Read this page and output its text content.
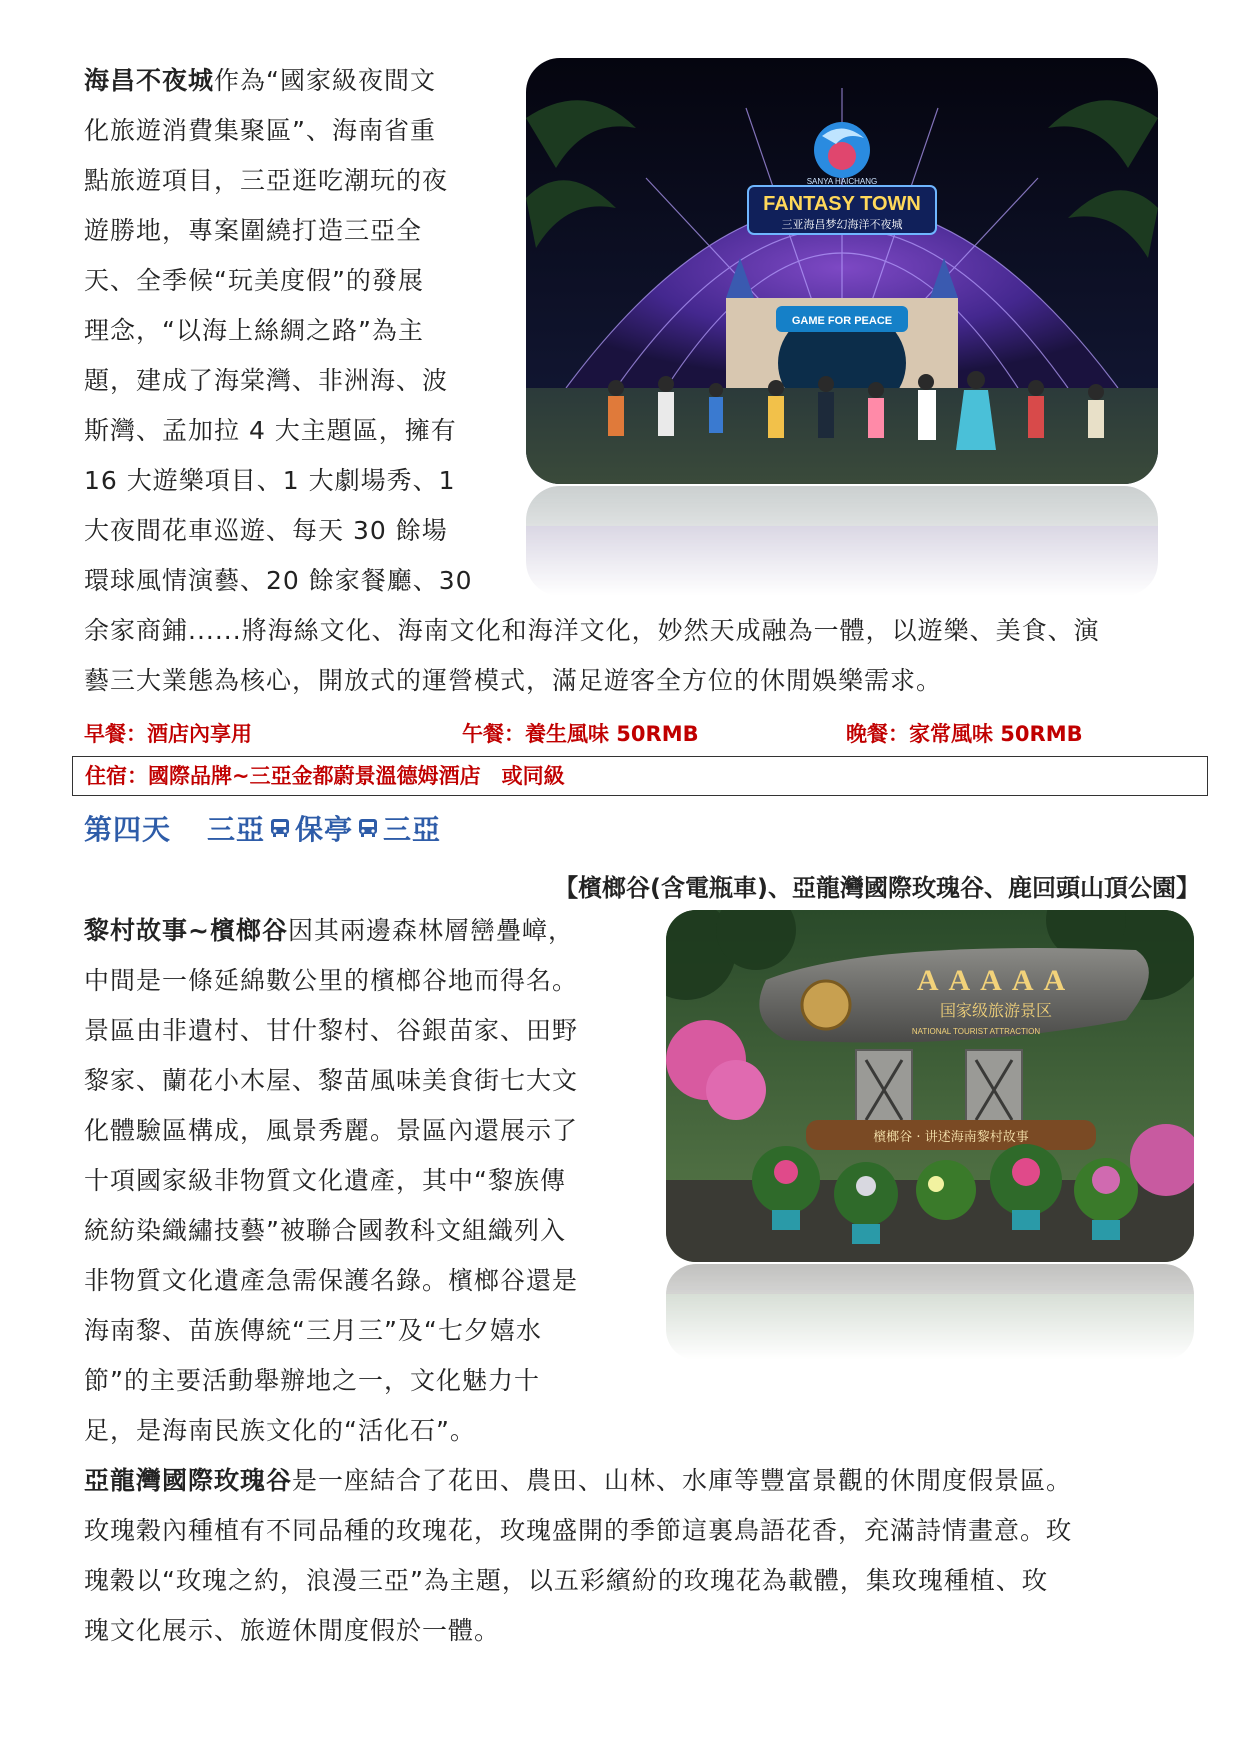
海昌不夜城作為“國家級夜間文
化旅遊消費集聚區”、海南省重
點旅遊項目，三亞逛吃潮玩的夜
遊勝地，專案圍繞打造三亞全
天、全季候“玩美度假”的發展
理念，“以海上絲綢之路”為主
題，建成了海棠灣、非洲海、波
斯灣、孟加拉 4 大主題區，擁有
16 大遊樂項目、1 大劇場秀、1
大夜間花車巡遊、每天 30 餘場
環球風情演藝、20 餘家餐廳、30
余家商鋪......將海絲文化、海南文化和海洋文化，妙然天成融為一體，以遊樂、美食、演
藝三大業態為核心，開放式的運營模式，滿足遊客全方位的休閒娛樂需求。
SANYA HAICHANG
FANTASY TOWN
三亚海昌梦幻海洋不夜城
GAME FOR PEACE
早餐：酒店內享用	午餐：養生風味 50RMB	晚餐：家常風味 50RMB
住宿：國際品牌~三亞金都蔚景溫德姆酒店　或同級
第四天 三亞 保亭 三亞
【檳榔谷(含電瓶車)、亞龍灣國際玫瑰谷、鹿回頭山頂公園】
黎村故事~檳榔谷因其兩邊森林層巒疊嶂，
中間是一條延綿數公里的檳榔谷地而得名。
景區由非遺村、甘什黎村、谷銀苗家、田野
黎家、蘭花小木屋、黎苗風味美食街七大文
化體驗區構成，風景秀麗。景區內還展示了
十項國家級非物質文化遺產，其中“黎族傳
統紡染織繡技藝”被聯合國教科文組織列入
非物質文化遺產急需保護名錄。檳榔谷還是
海南黎、苗族傳統“三月三”及“七夕嬉水
節”的主要活動舉辦地之一，文化魅力十
足，是海南民族文化的“活化石”。
AAAAA
国家级旅游景区
NATIONAL TOURIST ATTRACTION
檳榔谷 · 讲述海南黎村故事
亞龍灣國際玫瑰谷是一座結合了花田、農田、山林、水庫等豐富景觀的休閒度假景區。
玫瑰穀內種植有不同品種的玫瑰花，玫瑰盛開的季節這裏鳥語花香，充滿詩情畫意。玫
瑰穀以“玫瑰之約，浪漫三亞”為主題，以五彩繽紛的玫瑰花為載體，集玫瑰種植、玫
瑰文化展示、旅遊休閒度假於一體。
